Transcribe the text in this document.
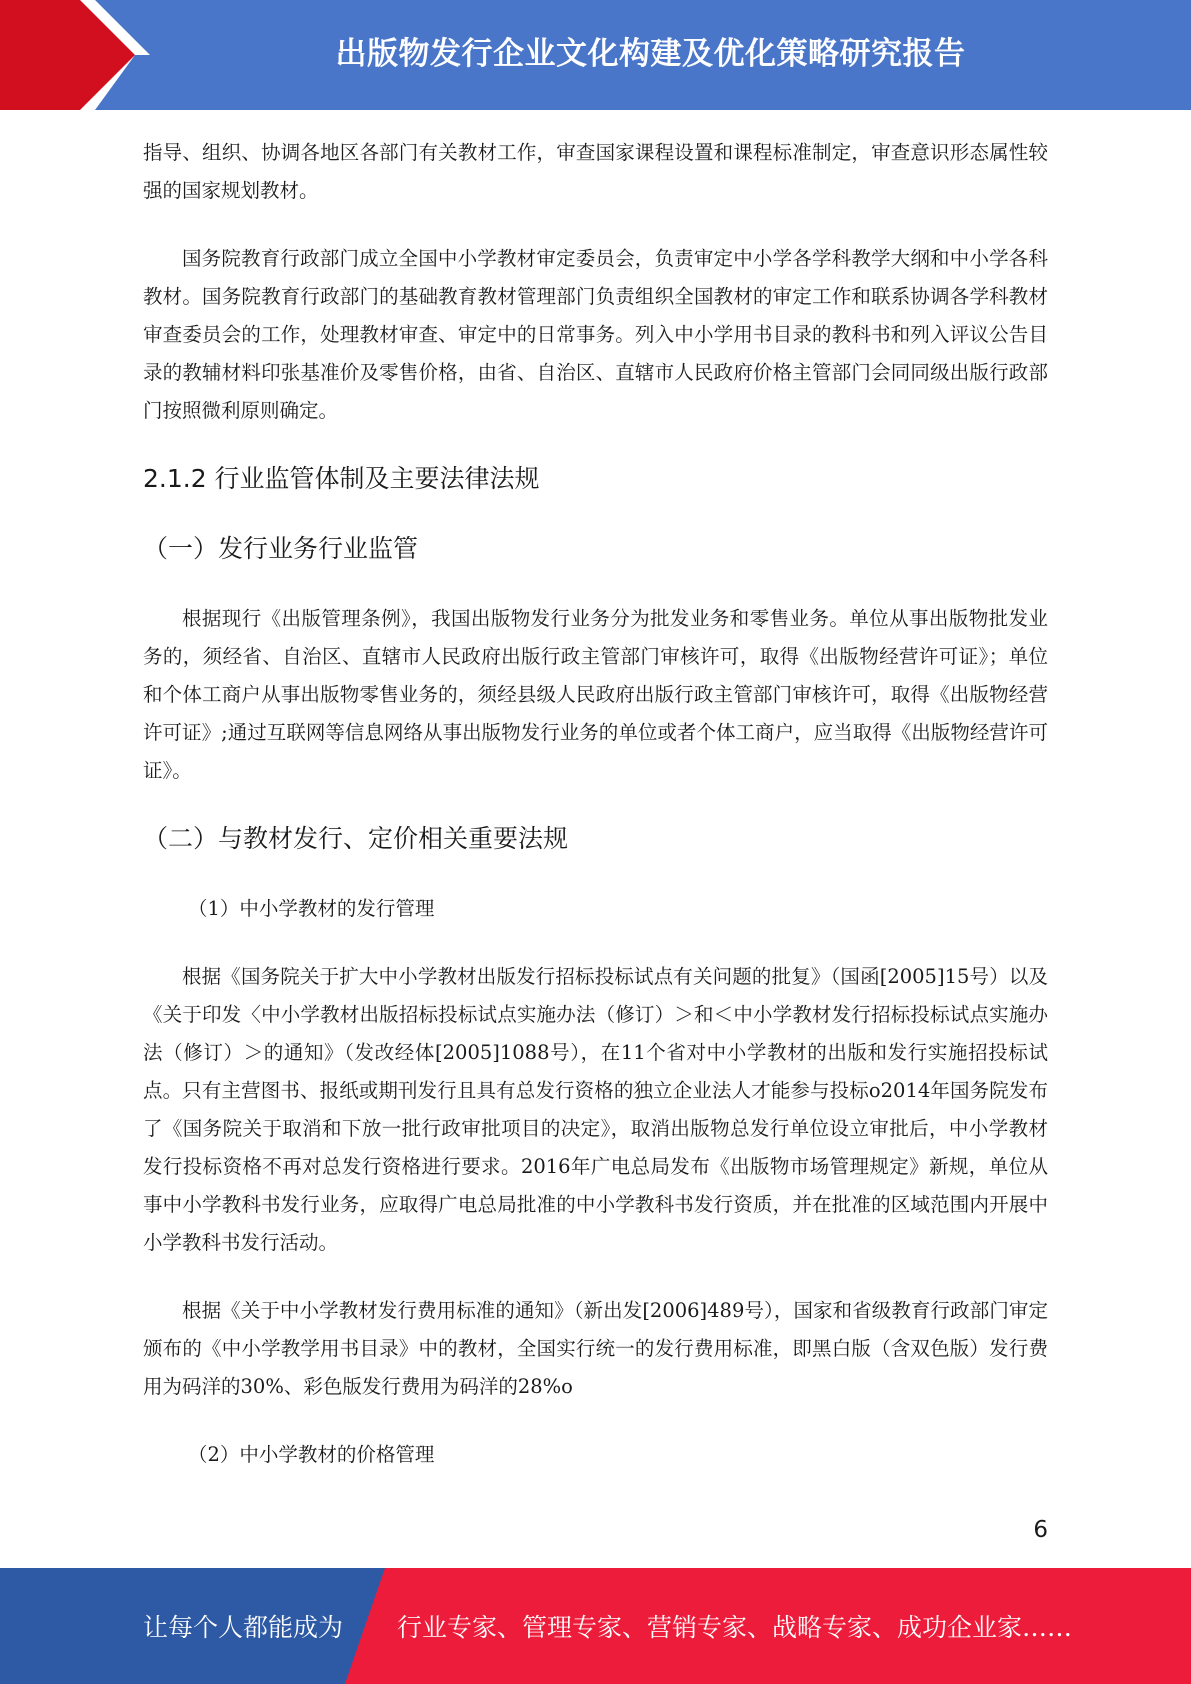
出版物发行企业文化构建及优化策略研究报告

指导、组织、协调各地区各部门有关教材工作，审查国家课程设置和课程标准制定，审查意识形态属性较强的国家规划教材。

国务院教育行政部门成立全国中小学教材审定委员会，负责审定中小学各学科教学大纲和中小学各科教材。国务院教育行政部门的基础教育教材管理部门负责组织全国教材的审定工作和联系协调各学科教材审查委员会的工作，处理教材审查、审定中的日常事务。列入中小学用书目录的教科书和列入评议公告目录的教辅材料印张基准价及零售价格，由省、自治区、直辖市人民政府价格主管部门会同同级出版行政部门按照微利原则确定。

2.1.2 行业监管体制及主要法律法规
（一）发行业务行业监管

根据现行《出版管理条例》，我国出版物发行业务分为批发业务和零售业务。单位从事出版物批发业务的，须经省、自治区、直辖市人民政府出版行政主管部门审核许可，取得《出版物经营许可证》；单位和个体工商户从事出版物零售业务的，须经县级人民政府出版行政主管部门审核许可，取得《出版物经营许可证》;通过互联网等信息网络从事出版物发行业务的单位或者个体工商户，应当取得《出版物经营许可证》。

（二）与教材发行、定价相关重要法规

（1）中小学教材的发行管理

根据《国务院关于扩大中小学教材出版发行招标投标试点有关问题的批复》（国函[2005]15号）以及《关于印发〈中小学教材出版招标投标试点实施办法（修订）＞和＜中小学教材发行招标投标试点实施办法（修订）＞的通知》（发改经体[2005]1088号），在11个省对中小学教材的出版和发行实施招投标试点。只有主营图书、报纸或期刊发行且具有总发行资格的独立企业法人才能参与投标o2014年国务院发布了《国务院关于取消和下放一批行政审批项目的决定》，取消出版物总发行单位设立审批后，中小学教材发行投标资格不再对总发行资格进行要求。2016年广电总局发布《出版物市场管理规定》新规，单位从事中小学教科书发行业务，应取得广电总局批准的中小学教科书发行资质，并在批准的区域范围内开展中小学教科书发行活动。

根据《关于中小学教材发行费用标准的通知》（新出发[2006]489号），国家和省级教育行政部门审定颁布的《中小学教学用书目录》中的教材，全国实行统一的发行费用标准，即黑白版（含双色版）发行费用为码洋的30%、彩色版发行费用为码洋的28%o

（2）中小学教材的价格管理

6
让每个人都能成为 行业专家、管理专家、营销专家、战略专家、成功企业家……
